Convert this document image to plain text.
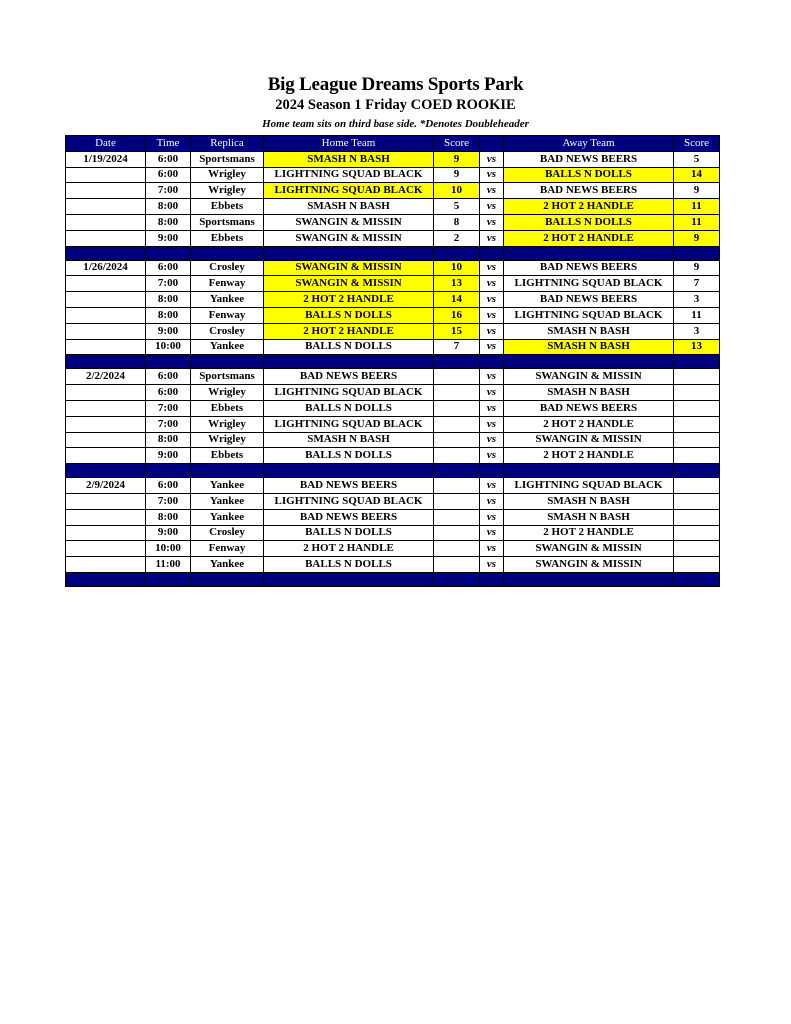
Big League Dreams Sports Park
2024 Season 1 Friday COED ROOKIE

Home team sits on third base side. *Denotes Doubleheader

Date	Time	Replica	Home Team	Score		Away Team	Score
1/19/2024	6:00	Sportsmans	SMASH N BASH	9	vs	BAD NEWS BEERS	5
	6:00	Wrigley	LIGHTNING SQUAD BLACK	9	vs	BALLS N DOLLS	14
	7:00	Wrigley	LIGHTNING SQUAD BLACK	10	vs	BAD NEWS BEERS	9
	8:00	Ebbets	SMASH N BASH	5	vs	2 HOT 2 HANDLE	11
	8:00	Sportsmans	SWANGIN & MISSIN	8	vs	BALLS N DOLLS	11
	9:00	Ebbets	SWANGIN & MISSIN	2	vs	2 HOT 2 HANDLE	9

1/26/2024	6:00	Crosley	SWANGIN & MISSIN	10	vs	BAD NEWS BEERS	9
	7:00	Fenway	SWANGIN & MISSIN	13	vs	LIGHTNING SQUAD BLACK	7
	8:00	Yankee	2 HOT 2 HANDLE	14	vs	BAD NEWS BEERS	3
	8:00	Fenway	BALLS N DOLLS	16	vs	LIGHTNING SQUAD BLACK	11
	9:00	Crosley	2 HOT 2 HANDLE	15	vs	SMASH N BASH	3
	10:00	Yankee	BALLS N DOLLS	7	vs	SMASH N BASH	13

2/2/2024	6:00	Sportsmans	BAD NEWS BEERS		vs	SWANGIN & MISSIN	
	6:00	Wrigley	LIGHTNING SQUAD BLACK		vs	SMASH N BASH	
	7:00	Ebbets	BALLS N DOLLS		vs	BAD NEWS BEERS	
	7:00	Wrigley	LIGHTNING SQUAD BLACK		vs	2 HOT 2 HANDLE	
	8:00	Wrigley	SMASH N BASH		vs	SWANGIN & MISSIN	
	9:00	Ebbets	BALLS N DOLLS		vs	2 HOT 2 HANDLE	

2/9/2024	6:00	Yankee	BAD NEWS BEERS		vs	LIGHTNING SQUAD BLACK	
	7:00	Yankee	LIGHTNING SQUAD BLACK		vs	SMASH N BASH	
	8:00	Yankee	BAD NEWS BEERS		vs	SMASH N BASH	
	9:00	Crosley	BALLS N DOLLS		vs	2 HOT 2 HANDLE	
	10:00	Fenway	2 HOT 2 HANDLE		vs	SWANGIN & MISSIN	
	11:00	Yankee	BALLS N DOLLS		vs	SWANGIN & MISSIN	
